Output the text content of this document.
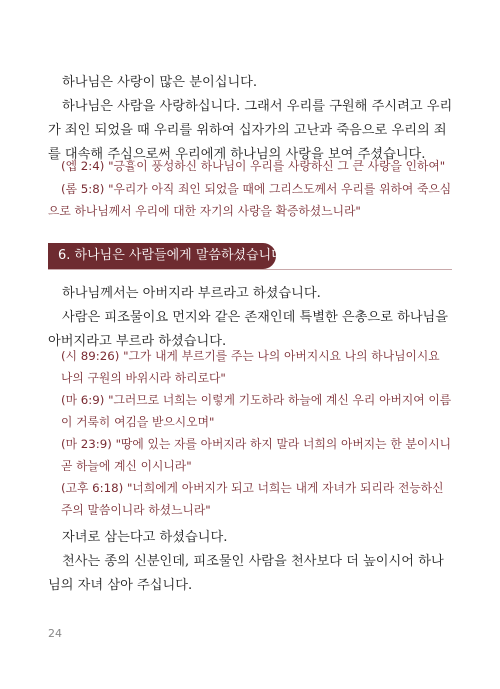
하나님은 사랑이 많은 분이십니다.
하나님은 사람을 사랑하십니다. 그래서 우리를 구원해 주시려고 우리
가 죄인 되었을 때 우리를 위하여 십자가의 고난과 죽음으로 우리의 죄
를 대속해 주심으로써 우리에게 하나님의 사랑을 보여 주셨습니다.
(엡 2:4) "긍휼이 풍성하신 하나님이 우리를 사랑하신 그 큰 사랑을 인하여"
(롬 5:8) "우리가 아직 죄인 되었을 때에 그리스도께서 우리를 위하여 죽으심
으로 하나님께서 우리에 대한 자기의 사랑을 확증하셨느니라"
6. 하나님은 사람들에게 말씀하셨습니다
하나님께서는 아버지라 부르라고 하셨습니다.
사람은 피조물이요 먼지와 같은 존재인데 특별한 은총으로 하나님을
아버지라고 부르라 하셨습니다.
(시 89:26) "그가 내게 부르기를 주는 나의 아버지시요 나의 하나님이시요
나의 구원의 바위시라 하리로다"
(마 6:9) "그러므로 너희는 이렇게 기도하라 하늘에 계신 우리 아버지여 이름
이 거룩히 여김을 받으시오며"
(마 23:9) "땅에 있는 자를 아버지라 하지 말라 너희의 아버지는 한 분이시니
곧 하늘에 계신 이시니라"
(고후 6:18) "너희에게 아버지가 되고 너희는 내게 자녀가 되리라 전능하신
주의 말씀이니라 하셨느니라"
자녀로 삼는다고 하셨습니다.
천사는 종의 신분인데, 피조물인 사람을 천사보다 더 높이시어 하나
님의 자녀 삼아 주십니다.
24
